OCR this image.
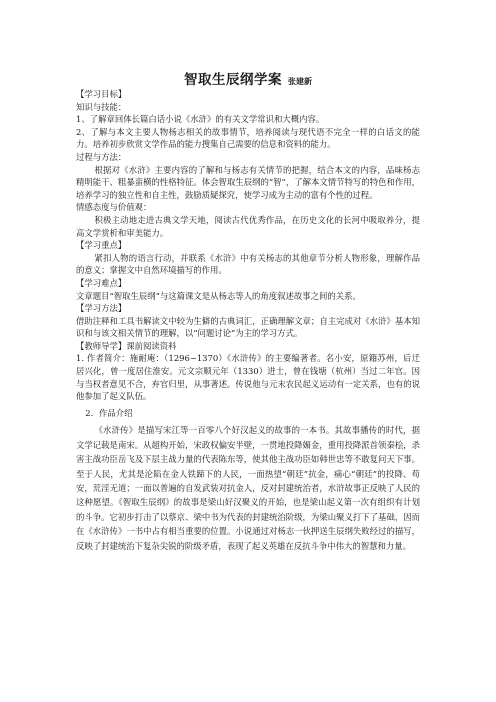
智取生辰纲学案 张建新

【学习目标】

知识与技能：

1、了解章回体长篇白话小说《水浒》的有关文学常识和大概内容。

2、了解与本文主要人物杨志相关的故事情节，培养阅读与现代语不完全一样的白话文的能力。培养初步欣赏文学作品的能力搜集自己需要的信息和资料的能力。

过程与方法：

根据对《水浒》主要内容的了解和与杨志有关情节的把握，结合本文的内容，品味杨志精明能干、粗暴蛮横的性格特征。体会智取生辰纲的“智”，了解本文情节特写的特色和作用，培养学习的独立性和自主性，鼓励质疑探究，使学习成为主动的富有个性的过程。

情感态度与价值观：

积极主动地走进古典文学天地，阅读古代优秀作品，在历史文化的长河中吸取养分，提高文学赏析和审美能力。

【学习重点】

紧扣人物的语言行动，并联系《水浒》中有关杨志的其他章节分析人物形象，理解作品的意义；掌握文中自然环境描写的作用。

【学习难点】

文章题目“智取生辰纲”与这篇课文是从杨志等人的角度叙述故事之间的关系。

【学习方法】

借助注释和工具书解读文中较为生僻的古典词汇，正确理解文章；自主完成对《水浒》基本知识和与该文相关情节的理解，以“问题讨论”为主的学习方式。

【教师导学】课前阅读资料

1. 作者简介：施耐庵：（1296~1370）《水浒传》的主要编著者。名小安，原籍苏州，后迁居兴化，曾一度居住淮安。元文宗顺元年（1330）进士，曾在钱塘（杭州）当过二年官。因与当权者意见不合，弃官归里，从事著述。传说他与元末农民起义运动有一定关系，也有的说他参加了起义队伍。

2．作品介绍

《水浒传》是描写宋江等一百零八个好汉起义的故事的一本书。其故事播传的时代，据文学记载是南宋。从超构开始，宋政权偏安半壁，一贯地投降媚金，重用投降派首领秦桧，杀害主战功臣岳飞及下层主战力量的代表陈东等，使其他主战功臣如韩世忠等不敢复问天下事。至于人民，尤其是沦陷在金人铁蹄下的人民，一面热望“朝廷”抗金，痛心“朝廷”的投降、苟安，荒淫无道；一面以普遍的自发武装对抗金人，反对封建统治者，水浒故事正反映了人民的这种愿望。《智取生辰纲》的故事是梁山好汉聚义的开始，也是梁山起义第一次有组织有计划的斗争。它初步打击了以蔡京、梁中书为代表的封建统治阶级，为梁山聚义打下了基础，因而在《水浒传》一书中占有相当重要的位置。小说通过对杨志一伙押送生辰纲失败经过的描写，反映了封建统治下复杂尖锐的阶级矛盾，表现了起义英雄在反抗斗争中伟大的智慧和力量。
